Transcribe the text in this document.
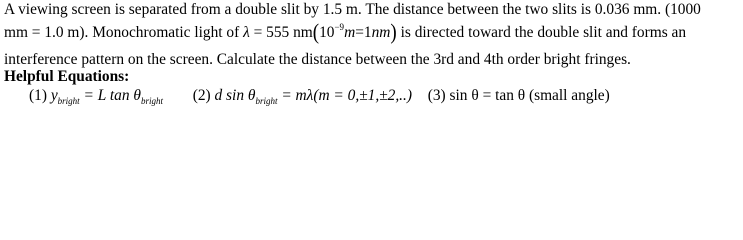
A viewing screen is separated from a double slit by 1.5 m. The distance between the two slits is 0.036 mm. (1000
mm = 1.0 m). Monochromatic light of λ = 555 $nm(10^{-9}m=1nm)$ is directed toward the double slit and forms an
interference pattern on the screen. Calculate the distance between the 3rd and 4th order bright fringes.
Helpful Equations:
(1) $y_{bright} = L$ $\tan \theta_{bright}$ (2) d $\sin \theta_{bright} = m\lambda(m = 0,\pm 1,\pm 2,..)$ (3) sin θ = tan θ (small angle)
